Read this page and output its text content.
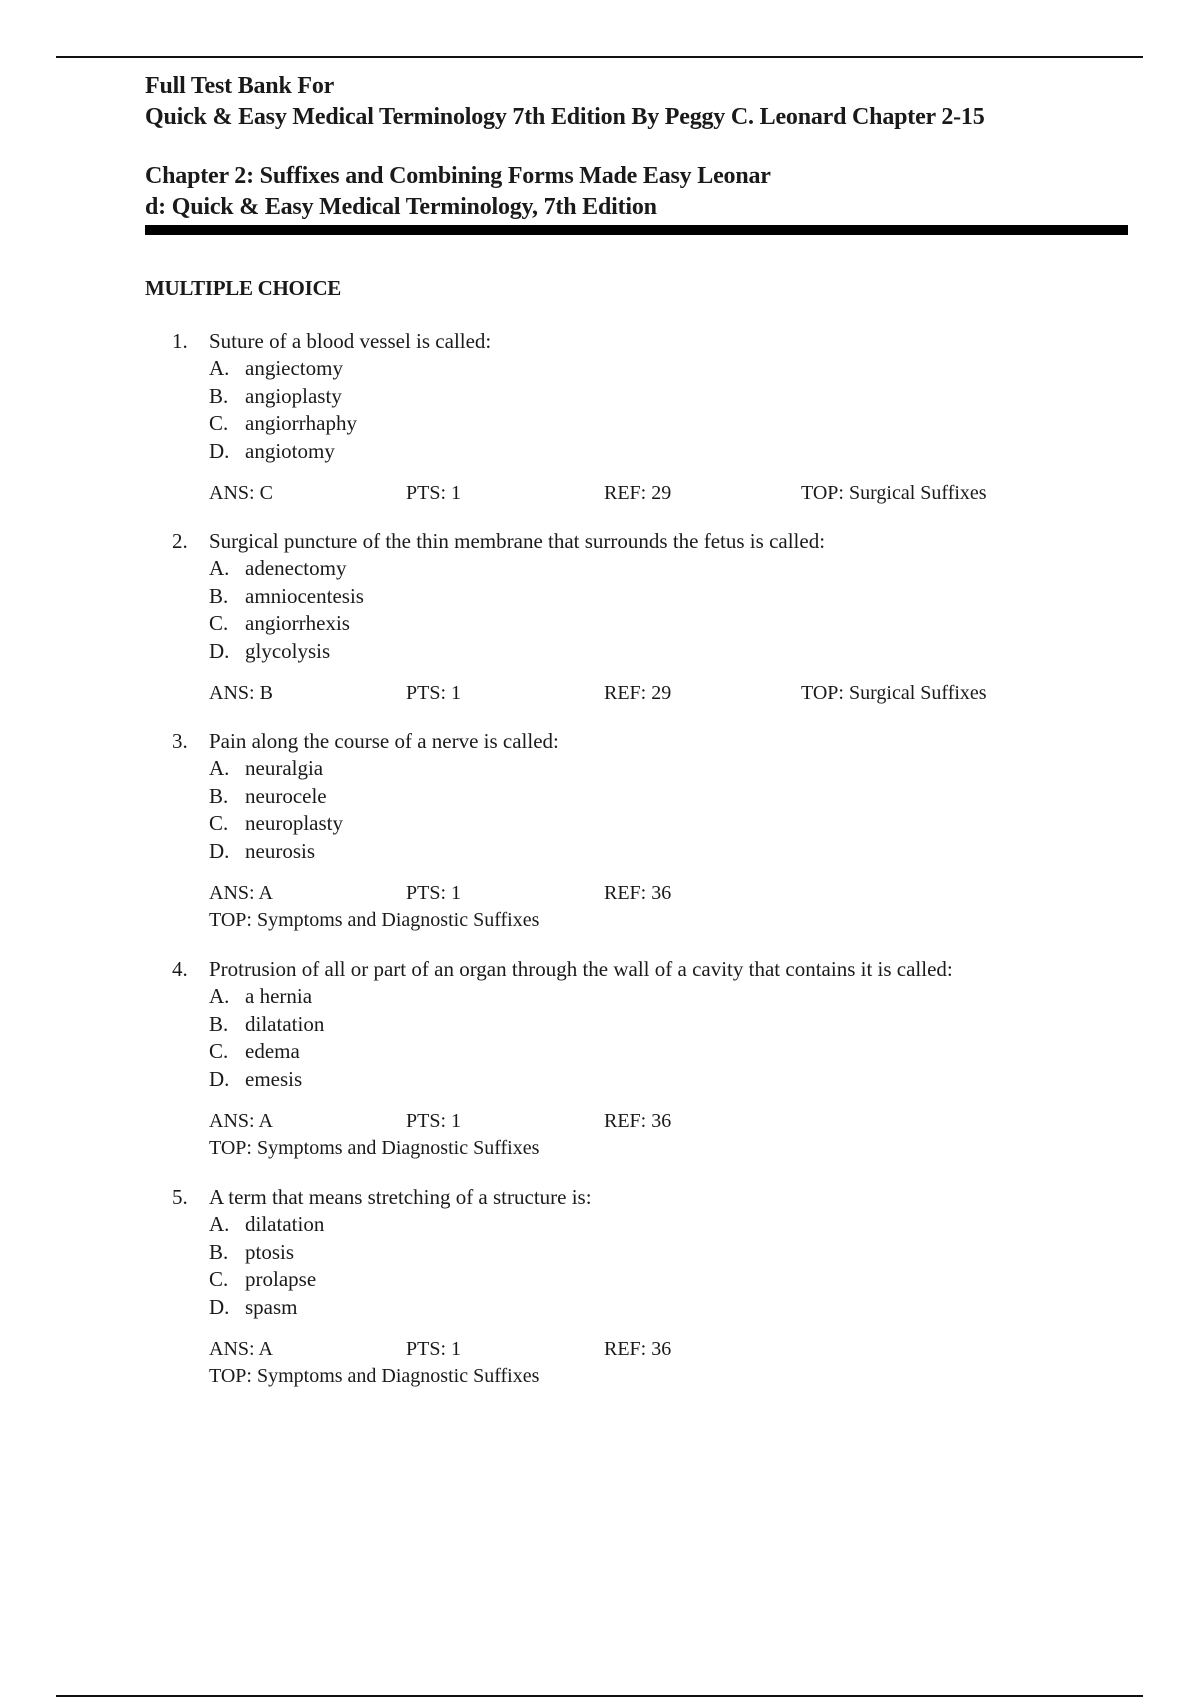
Full Test Bank For
Quick & Easy Medical Terminology 7th Edition By Peggy C. Leonard Chapter 2-15
Chapter 2: Suffixes and Combining Forms Made Easy Leonar
d: Quick & Easy Medical Terminology, 7th Edition
MULTIPLE CHOICE
1.	Suture of a blood vessel is called:
A. angiectomy
B. angioplasty
C. angiorrhaphy
D. angiotomy
ANS: C	PTS: 1	REF: 29	TOP: Surgical Suffixes
2.	Surgical puncture of the thin membrane that surrounds the fetus is called:
A. adenectomy
B. amniocentesis
C. angiorrhexis
D. glycolysis
ANS: B	PTS: 1	REF: 29	TOP: Surgical Suffixes
3.	Pain along the course of a nerve is called:
A. neuralgia
B. neurocele
C. neuroplasty
D. neurosis
ANS: A	PTS: 1	REF: 36
TOP: Symptoms and Diagnostic Suffixes
4.	Protrusion of all or part of an organ through the wall of a cavity that contains it is called:
A. a hernia
B. dilatation
C. edema
D. emesis
ANS: A	PTS: 1	REF: 36
TOP: Symptoms and Diagnostic Suffixes
5.	A term that means stretching of a structure is:
A. dilatation
B. ptosis
C. prolapse
D. spasm
ANS: A	PTS: 1	REF: 36
TOP: Symptoms and Diagnostic Suffixes
